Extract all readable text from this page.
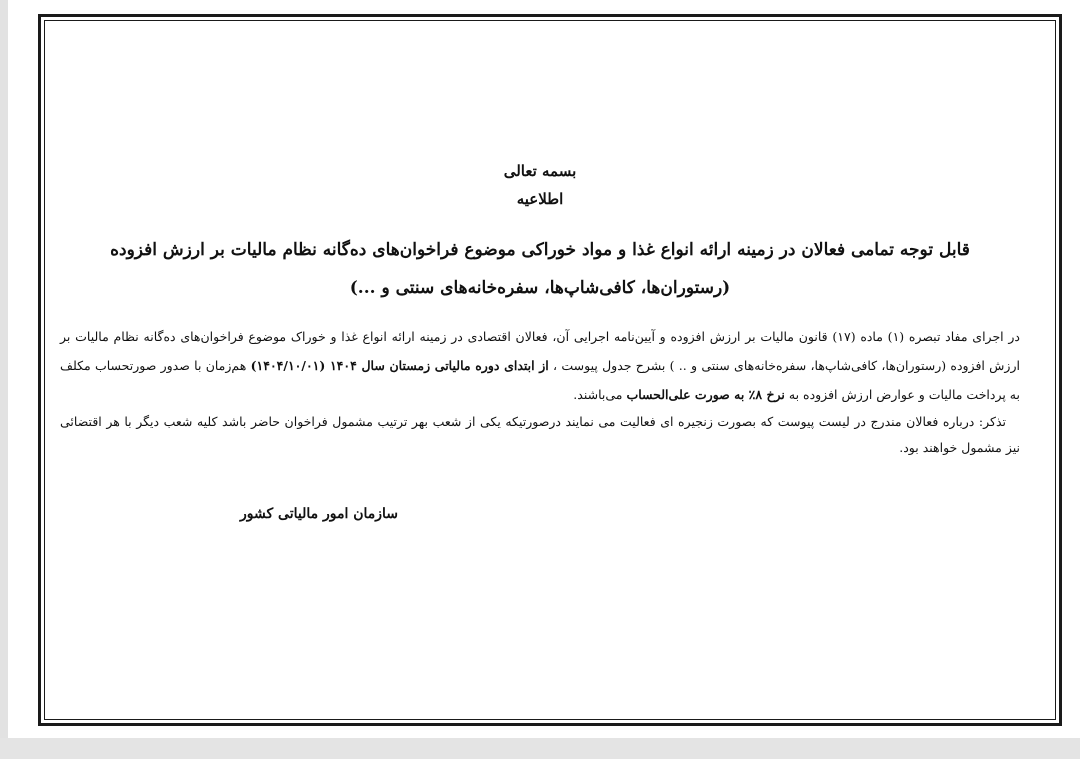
بسمه تعالی
اطلاعیه
قابل توجه تمامی فعالان در زمینه ارائه انواع غذا و مواد خوراکی موضوع فراخوان‌های ده‌گانه نظام مالیات بر ارزش افزوده
(رستوران‌ها، کافی‌شاپ‌ها، سفره‌خانه‌های سنتی و ...)
در اجرای مفاد تبصره (۱) ماده (۱۷) قانون مالیات بر ارزش افزوده و آیین‌نامه اجرایی آن، فعالان اقتصادی در زمینه ارائه انواع غذا و خوراک موضوع فراخوان‌های ده‌گانه نظام مالیات بر ارزش افزوده (رستوران‌ها، کافی‌شاپ‌ها، سفره‌خانه‌های سنتی و .. ) بشرح جدول پیوست ، از ابتدای دوره مالیاتی زمستان سال ۱۴۰۴ (۱۴۰۴/۱۰/۰۱) هم‌زمان با صدور صورتحساب مکلف به پرداخت مالیات و عوارض ارزش افزوده به نرخ ۸٪ به صورت علی‌الحساب می‌باشند.
تذکر: درباره فعالان مندرج در لیست پیوست که بصورت زنجیره ای فعالیت می نمایند درصورتیکه یکی از شعب بهر ترتیب مشمول فراخوان حاضر باشد کلیه شعب دیگر با هر اقتضائی نیز مشمول خواهند بود.
سازمان امور مالیاتی کشور
